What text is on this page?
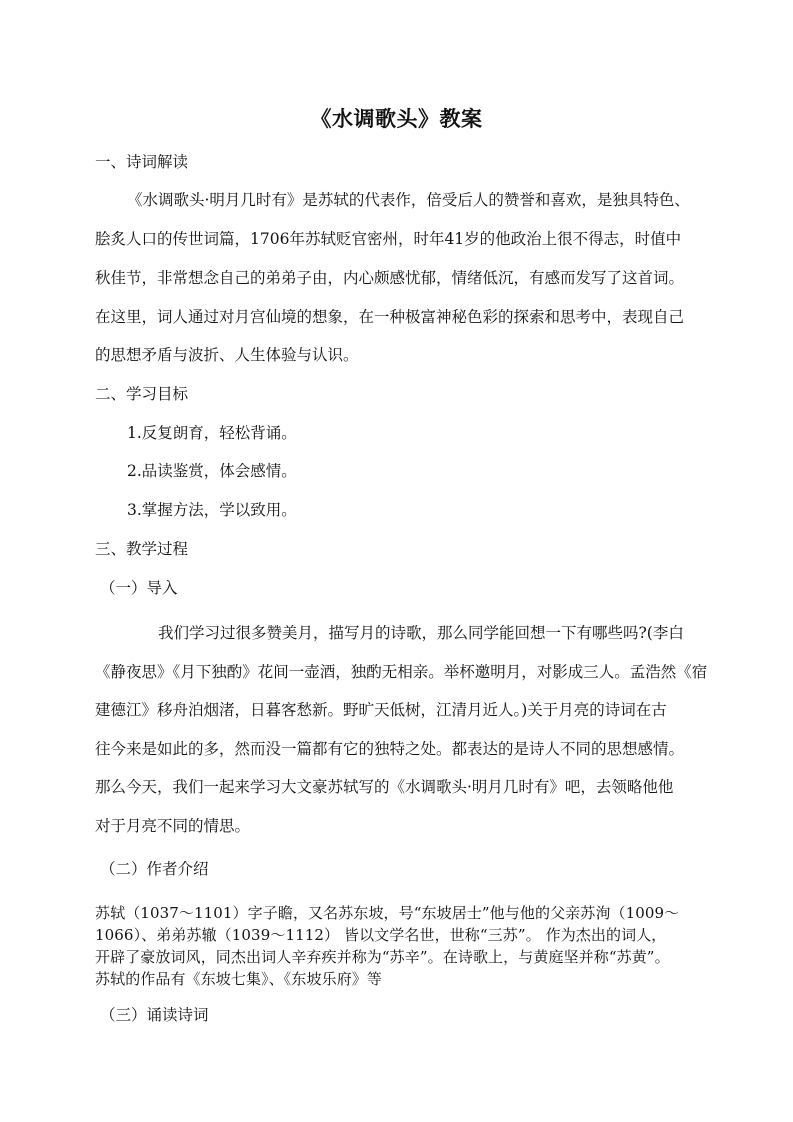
《水调歌头》教案
一、诗词解读
《水调歌头·明月几时有》是苏轼的代表作，倍受后人的赞誉和喜欢，是独具特色、
脍炙人口的传世词篇，1706年苏轼贬官密州，时年41岁的他政治上很不得志，时值中
秋佳节，非常想念自己的弟弟子由，内心颇感忧郁，情绪低沉，有感而发写了这首词。
在这里，词人通过对月宫仙境的想象，在一种极富神秘色彩的探索和思考中，表现自己
的思想矛盾与波折、人生体验与认识。
二、学习目标
1.反复朗育，轻松背诵。
2.品读鉴赏，体会感情。
3.掌握方法，学以致用。
三、教学过程
（一）导入
我们学习过很多赞美月，描写月的诗歌，那么同学能回想一下有哪些吗?(李白
《静夜思》《月下独酌》花间一壶酒，独酌无相亲。举杯邀明月，对影成三人。孟浩然《宿
建德江》移舟泊烟渚，日暮客愁新。野旷天低树，江清月近人。)关于月亮的诗词在古
往今来是如此的多，然而没一篇都有它的独特之处。都表达的是诗人不同的思想感情。
那么今天，我们一起来学习大文豪苏轼写的《水调歌头·明月几时有》吧，去领略他他
对于月亮不同的情思。
（二）作者介绍
苏轼（1037～1101）字子瞻，又名苏东坡，号“东坡居士”他与他的父亲苏洵（1009～
1066）、弟弟苏辙（1039～1112） 皆以文学名世，世称“三苏”。 作为杰出的词人，
开辟了豪放词风，同杰出词人辛弃疾并称为“苏辛”。在诗歌上，与黄庭坚并称“苏黄”。
苏轼的作品有《东坡七集》、《东坡乐府》等
（三）诵读诗词
